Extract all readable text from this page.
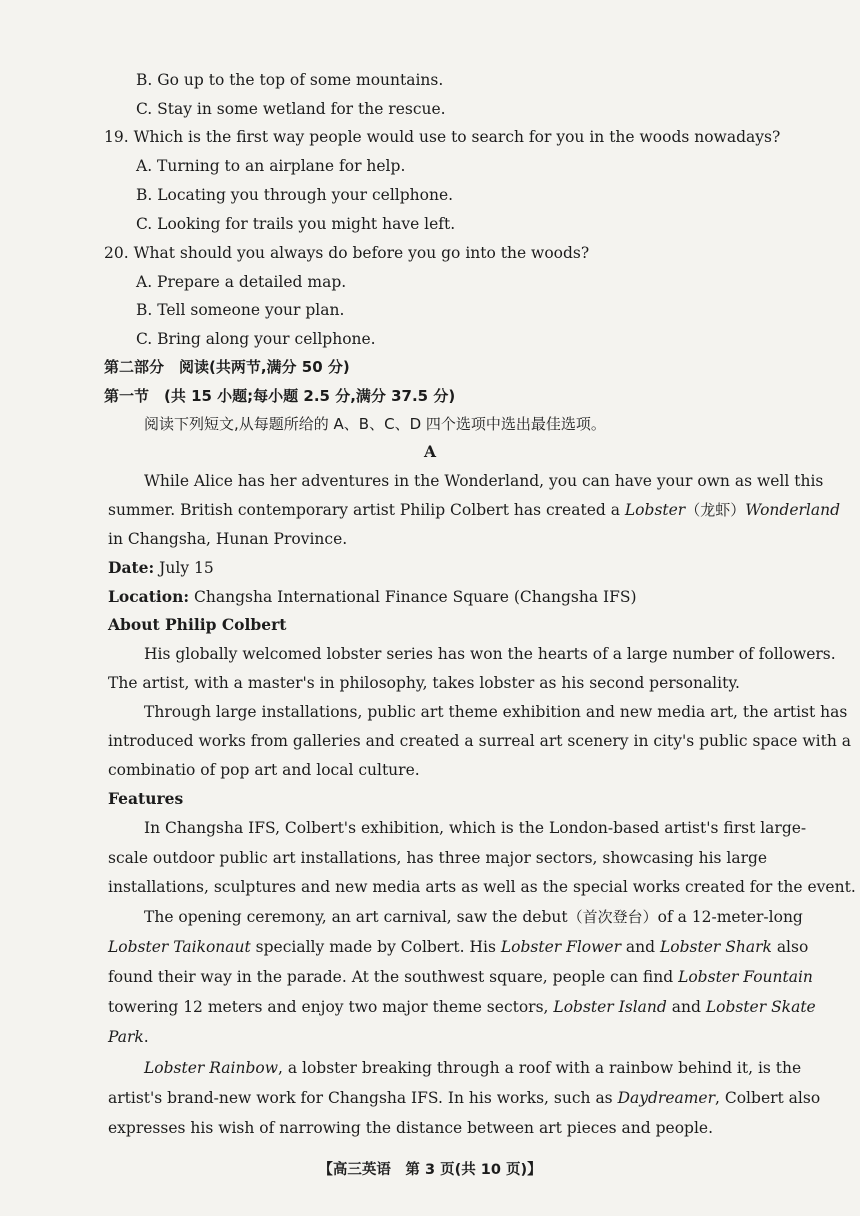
B. Go up to the top of some mountains.
C. Stay in some wetland for the rescue.
19. Which is the first way people would use to search for you in the woods nowadays?
A. Turning to an airplane for help.
B. Locating you through your cellphone.
C. Looking for trails you might have left.
20. What should you always do before you go into the woods?
A. Prepare a detailed map.
B. Tell someone your plan.
C. Bring along your cellphone.
第二部分　阅读(共两节,满分 50 分)
第一节　(共 15 小题;每小题 2.5 分,满分 37.5 分)
阅读下列短文,从每题所给的 A、B、C、D 四个选项中选出最佳选项。
A
While Alice has her adventures in the Wonderland, you can have your own as well this
summer. British contemporary artist Philip Colbert has created a Lobster（龙虾）Wonderland
in Changsha, Hunan Province.
Date: July 15
Location: Changsha International Finance Square (Changsha IFS)
About Philip Colbert
His globally welcomed lobster series has won the hearts of a large number of followers.
The artist, with a master's in philosophy, takes lobster as his second personality.
Through large installations, public art theme exhibition and new media art, the artist has
introduced works from galleries and created a surreal art scenery in city's public space with a
combinatio of pop art and local culture.
Features
In Changsha IFS, Colbert's exhibition, which is the London-based artist's first large-
scale outdoor public art installations, has three major sectors, showcasing his large
installations, sculptures and new media arts as well as the special works created for the event.
The opening ceremony, an art carnival, saw the debut（首次登台）of a 12-meter-long
Lobster Taikonaut specially made by Colbert. His Lobster Flower and Lobster Shark also
found their way in the parade. At the southwest square, people can find Lobster Fountain
towering 12 meters and enjoy two major theme sectors, Lobster Island and Lobster Skate
Park.
Lobster Rainbow, a lobster breaking through a roof with a rainbow behind it, is the
artist's brand-new work for Changsha IFS. In his works, such as Daydreamer, Colbert also
expresses his wish of narrowing the distance between art pieces and people.
【高三英语　第 3 页(共 10 页)】
